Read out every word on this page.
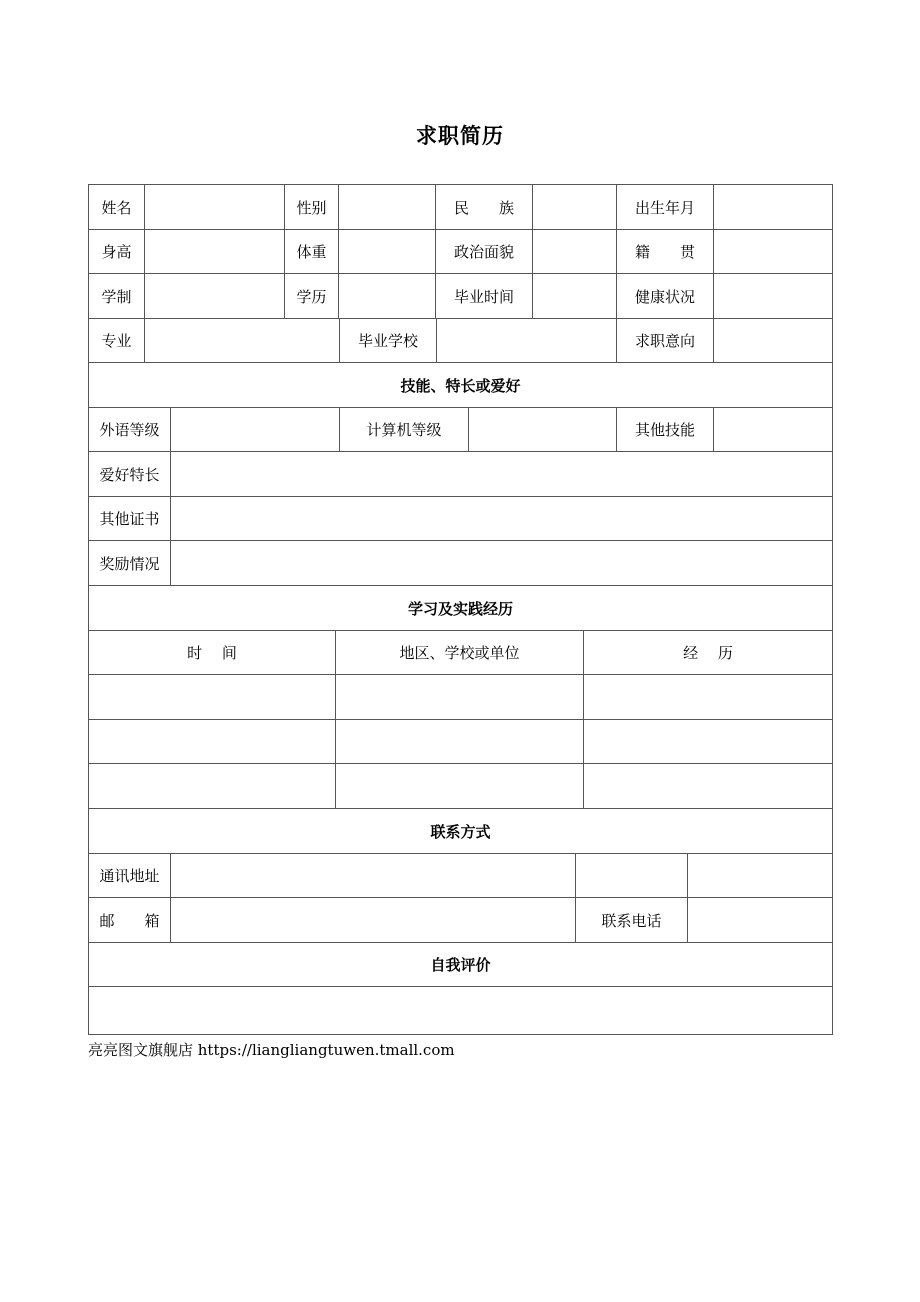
求职简历
姓名	性别	民　　族	出生年月
身高	体重	政治面貌	籍　　贯
学制	学历	毕业时间	健康状况
专业	毕业学校	求职意向
技能、特长或爱好
外语等级	计算机等级	其他技能
爱好特长
其他证书
奖励情况
学习及实践经历
时　 间	地区、学校或单位	经　 历
联系方式
通讯地址
邮　　箱	联系电话
自我评价
亮亮图文旗舰店 https://liangliangtuwen.tmall.com
